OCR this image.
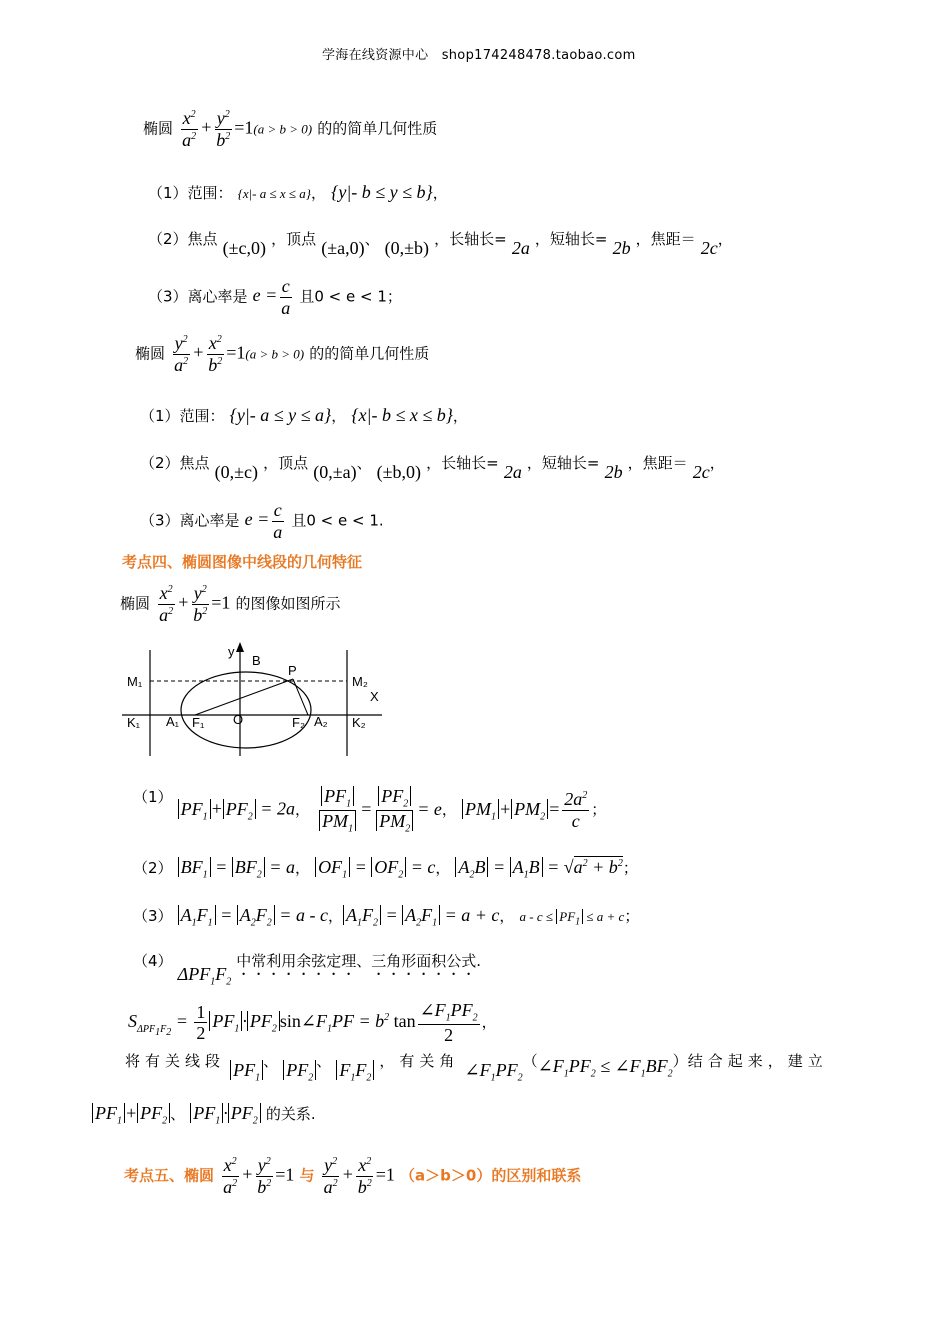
学海在线资源中心　shop174248478.taobao.com
椭圆 $\frac{x^2}{a^2} + \frac{y^2}{b^2} =1(a > b > 0)$ 的的简单几何性质
（1）范围： {x|- a ≤ x ≤ a}， {y|- b ≤ y ≤ b}，
（2）焦点 (±c,0) ，顶点 (±a,0)、 (0,±b) ，长轴长= 2a ，短轴长= 2b ，焦距＝ 2c，
（3）离心率是 $e = \frac{c}{a}$ 且0 < e < 1；
椭圆 $\frac{y^2}{a^2} + \frac{x^2}{b^2} =1(a > b > 0)$ 的的简单几何性质
（1）范围： {y|- a ≤ y ≤ a}， {x|- b ≤ x ≤ b}，
（2）焦点 (0,±c) ，顶点 (0,±a)、 (±b,0) ，长轴长= 2a ，短轴长= 2b ，焦距＝ 2c，
（3）离心率是 $e = \frac{c}{a}$ 且0 < e < 1.
考点四、椭圆图像中线段的几何特征
椭圆 $\frac{x^2}{a^2} + \frac{y^2}{b^2} =1$ 的图像如图所示
y
B
P
X
M₁	M₂
K₁	K₂
A₁ F₁ O	F₂ A₂
（1） $PF_1 + PF_2 = 2a$， $\frac{PF_1}{PM_1} = \frac{PF_2}{PM_2} = e$， $PM_1 + PM_2 = \frac{2a^2}{c}$ ；
（2） $BF_1 = BF_2 = a$， $OF_1 = OF_2 = c$， $A_2B = A_1B = √a^2 + b^2$；
（3） $A_1F_1 = A_2F_2 = a - c$， $A_1F_2 = A_2F_1 = a + c$， $a - c \le PF_1 \le a + c$；
（4） $\Delta PF_1F_2$ 中常利用余弦定理、三角形面积公式.
$S_{\Delta PF_1F_2} = \frac{1}{2} PF_1 \cdot PF_2$ $\sin\angle F_1PF = b^2$ $\tan \frac{\angle F_1PF_2}{2}$ ，
将有关线段 $PF_1$、 $PF_2$、 $F_1F_2$ ，有关角 $\angle F_1PF_2(\angle F_1PF_2$ ≤ $\angle F_1BF_2$）结合起来，建立
$PF_1 + PF_2$ 、 $PF_1 \cdot PF_2$ 的关系.
考点五、椭圆 $\frac{x^2}{a^2} + \frac{y^2}{b^2} =1$ 与 $\frac{y^2}{a^2} + \frac{x^2}{b^2} =1$ （a＞b＞0）的区别和联系
